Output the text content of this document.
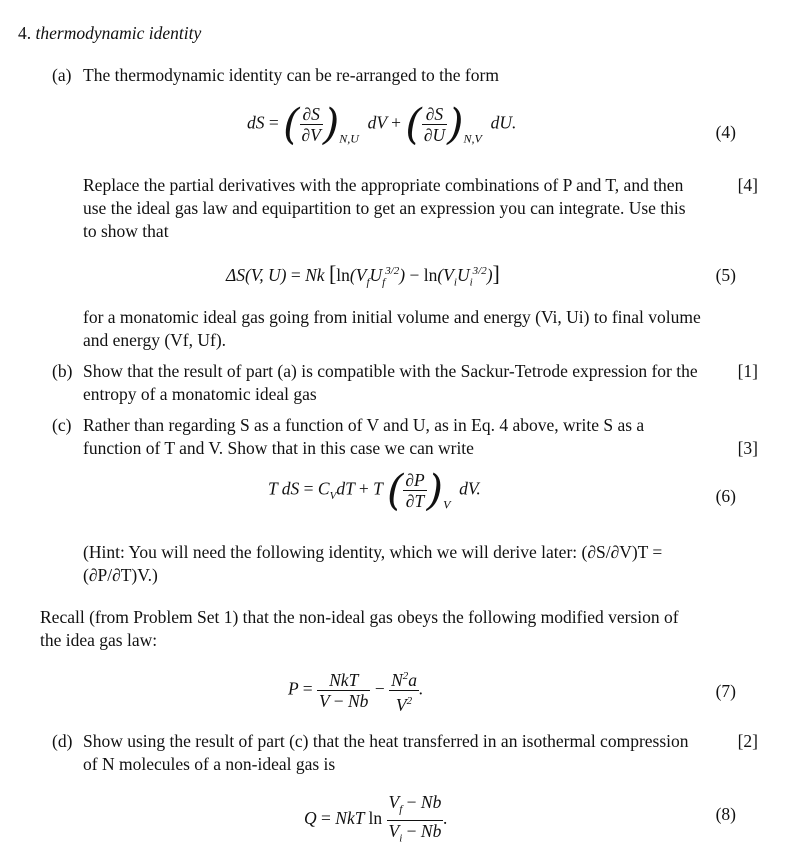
4. thermodynamic identity
(a) The thermodynamic identity can be re-arranged to the form
dS = ( $\frac{\partial S}{\partial V} )_{N,U}$  dV + ( $\frac{\partial S}{\partial U} )_{N,V}$  dU.	(4)
Replace the partial derivatives with the appropriate combinations of P and T, and then	[4]
use the ideal gas law and equipartition to get an expression you can integrate. Use this
to show that
ΔS(V, U) = Nk $[\ln(V_fU_f^{3/2}) - \ln(V_iU_i^{3/2})]$	(5)
for a monatomic ideal gas going from initial volume and energy (Vi, Ui) to final volume
and energy (Vf, Uf).
(b) Show that the result of part (a) is compatible with the Sackur-Tetrode expression for the	[1]
entropy of a monatomic ideal gas
(c) Rather than regarding S as a function of V and U, as in Eq. 4 above, write S as a
function of T and V. Show that in this case we can write	[3]
T dS = $C_VdT + T$ ( $\frac{\partial P}{\partial T} )_V$  dV.	(6)
(Hint: You will need the following identity, which we will derive later: (∂S/∂V)T =
(∂P/∂T)V.)
Recall (from Problem Set 1) that the non-ideal gas obeys the following modified version of
the idea gas law:
$P = \frac{\text{NkT}}{V - Nb} - \frac{N^2a}{V^2}$ .	(7)
(d) Show using the result of part (c) that the heat transferred in an isothermal compression	[2]
of N molecules of a non-ideal gas is
Q = NkT $\ln \frac{V_f - Nb}{V_i - Nb}$ .	(8)
